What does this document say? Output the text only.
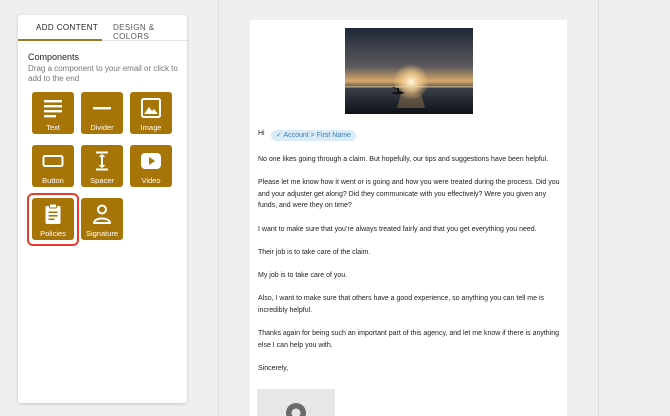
ADD CONTENT DESIGN & COLORS
Components
Drag a component to your email or click to add to the end
Text	Divider	Image
Button	Spacer	Video
Policies	Signature
Hi	✓ Account > First Name
No one likes going through a claim. But hopefully, our tips and suggestions have been helpful.
Please let me know how it went or is going and how you were treated during the process. Did you and your adjuster get along? Did they communicate with you effectively? Were you given any funds, and were they on time?
I want to make sure that you’re always treated fairly and that you get everything you need.
Their job is to take care of the claim.
My job is to take care of you.
Also, I want to make sure that others have a good experience, so anything you can tell me is incredibly helpful.
Thanks again for being such an important part of this agency, and let me know if there is anything else I can help you with.
Sincerely,
